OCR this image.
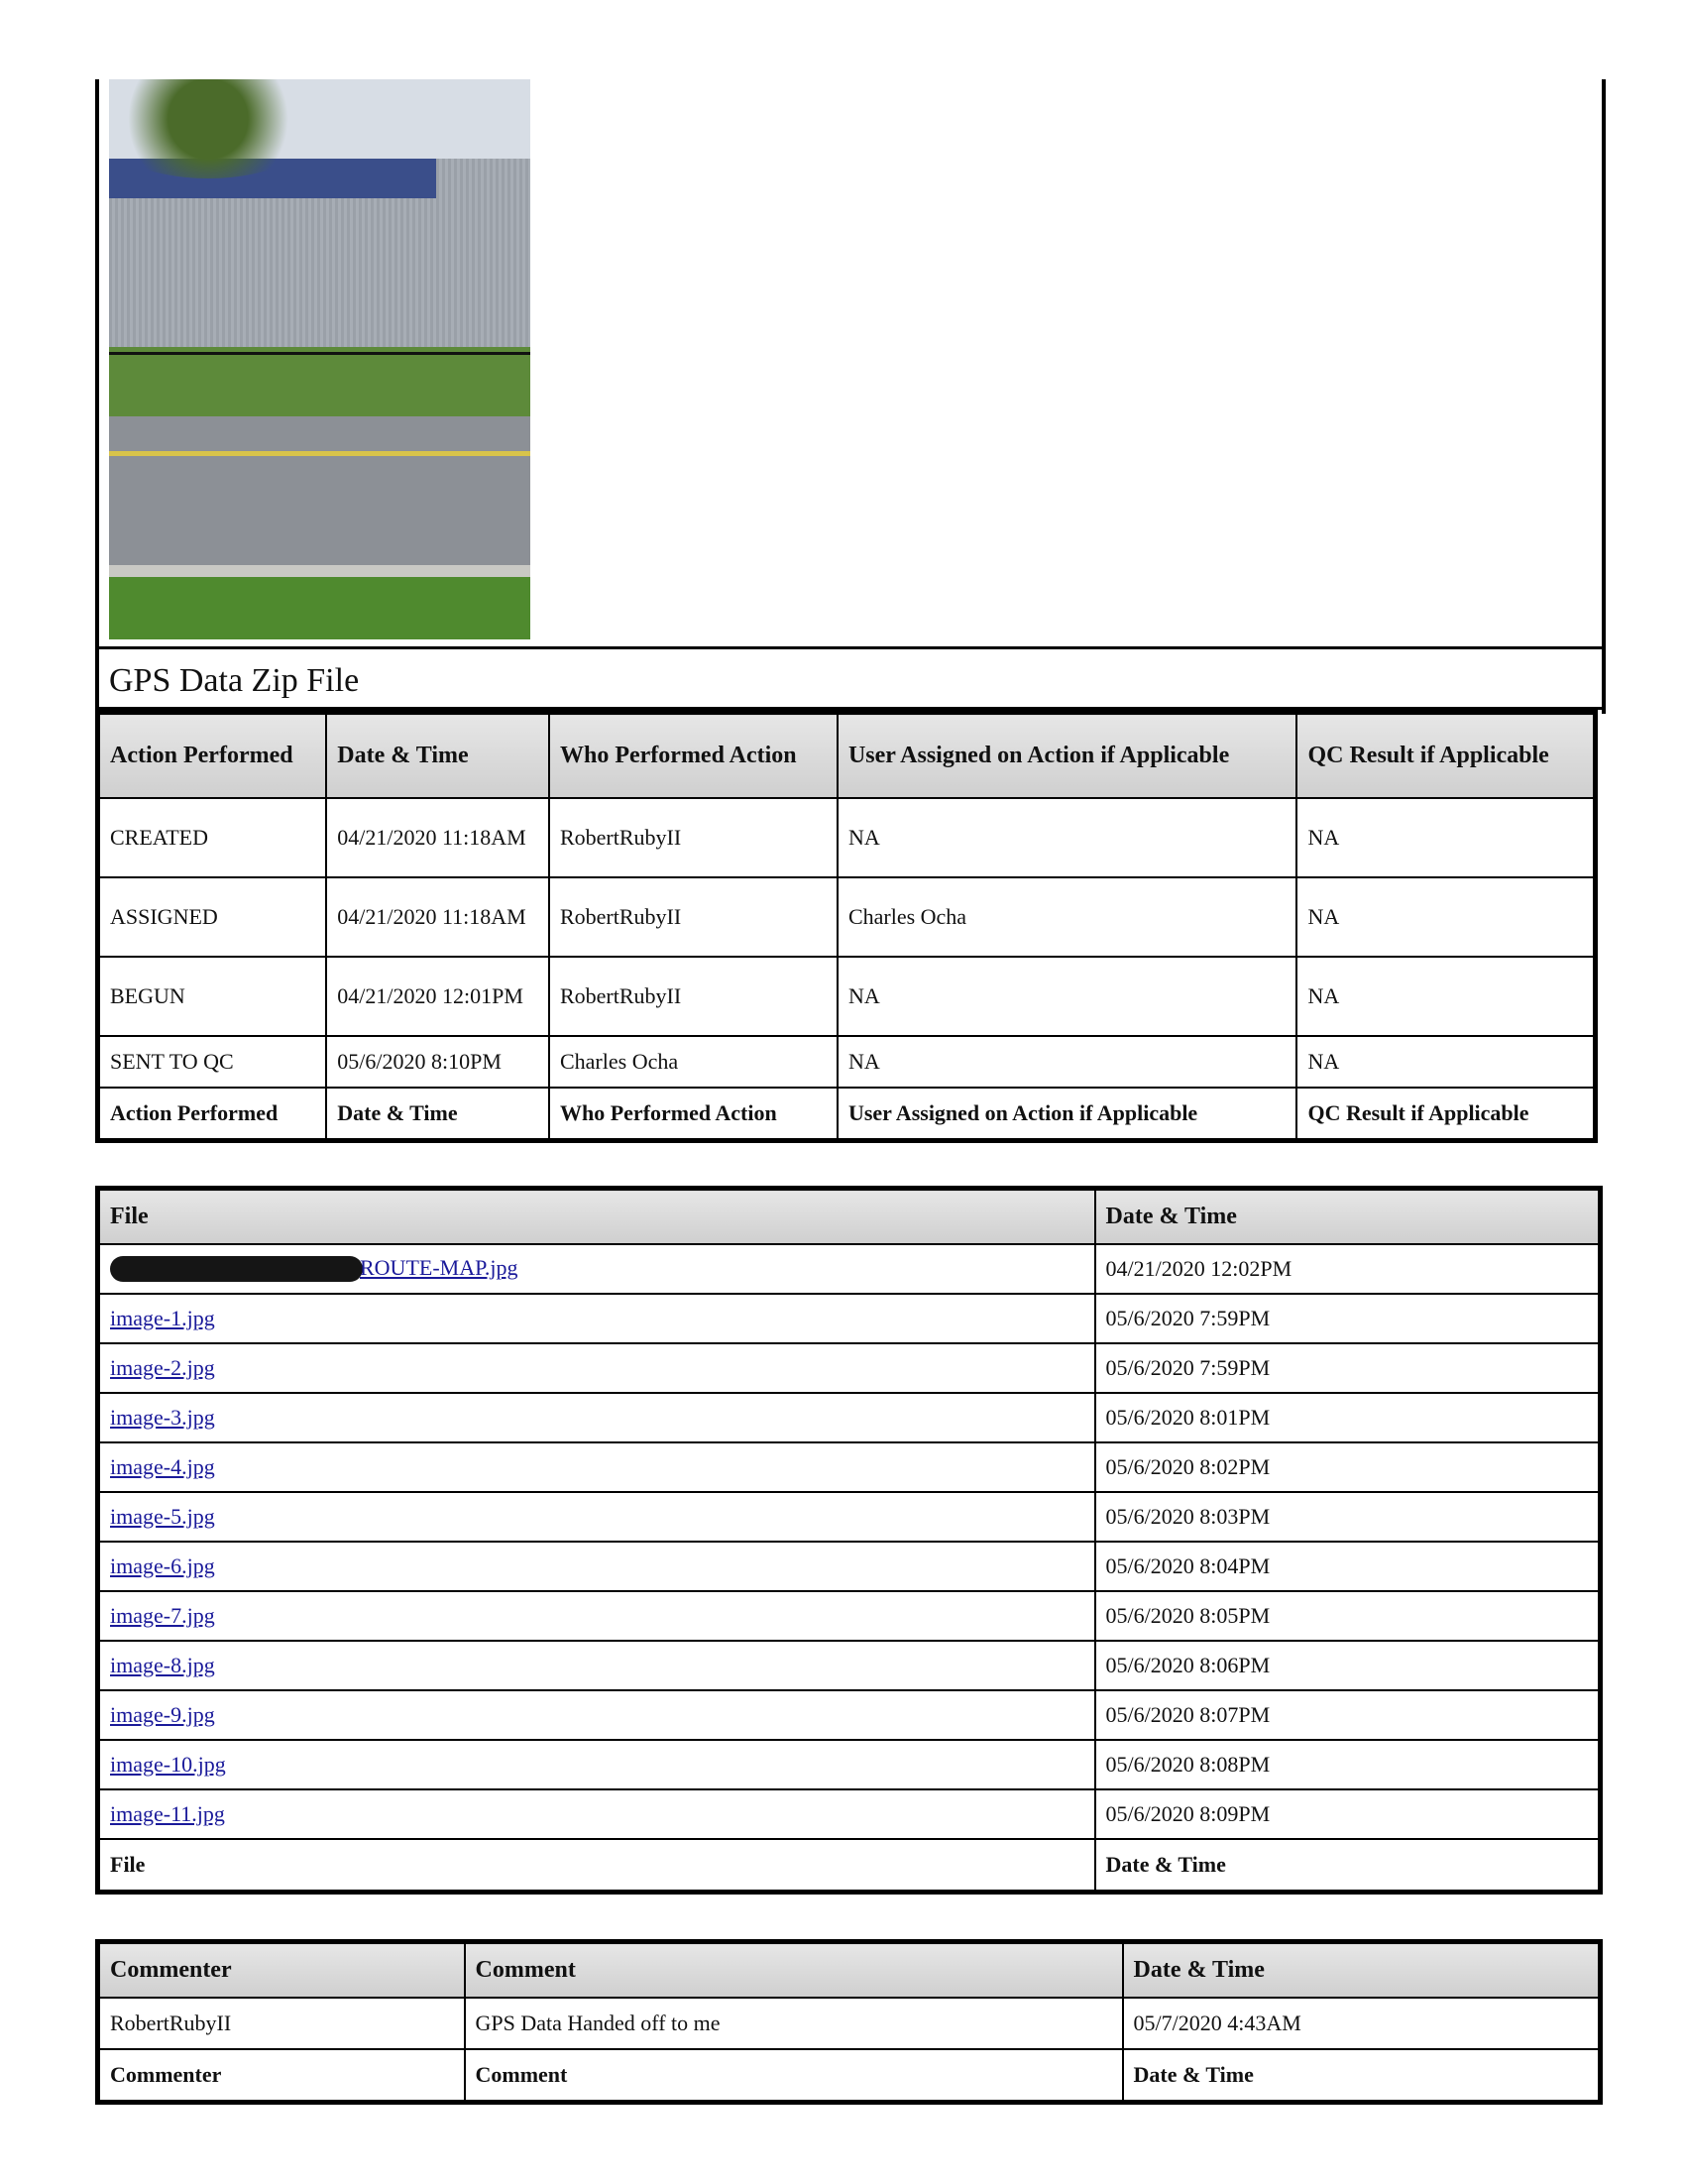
GPS Data Zip File
Action Performed	Date & Time	Who Performed Action	User Assigned on Action if Applicable	QC Result if Applicable
CREATED	04/21/2020 11:18AM	RobertRubyII	NA	NA
ASSIGNED	04/21/2020 11:18AM	RobertRubyII	Charles Ocha	NA
BEGUN	04/21/2020 12:01PM	RobertRubyII	NA	NA
SENT TO QC	05/6/2020 8:10PM	Charles Ocha	NA	NA
Action Performed	Date & Time	Who Performed Action	User Assigned on Action if Applicable	QC Result if Applicable
File	Date & Time
ROUTE-MAP.jpg	04/21/2020 12:02PM
image-1.jpg	05/6/2020 7:59PM
image-2.jpg	05/6/2020 7:59PM
image-3.jpg	05/6/2020 8:01PM
image-4.jpg	05/6/2020 8:02PM
image-5.jpg	05/6/2020 8:03PM
image-6.jpg	05/6/2020 8:04PM
image-7.jpg	05/6/2020 8:05PM
image-8.jpg	05/6/2020 8:06PM
image-9.jpg	05/6/2020 8:07PM
image-10.jpg	05/6/2020 8:08PM
image-11.jpg	05/6/2020 8:09PM
File	Date & Time
Commenter	Comment	Date & Time
RobertRubyII	GPS Data Handed off to me	05/7/2020 4:43AM
Commenter	Comment	Date & Time
